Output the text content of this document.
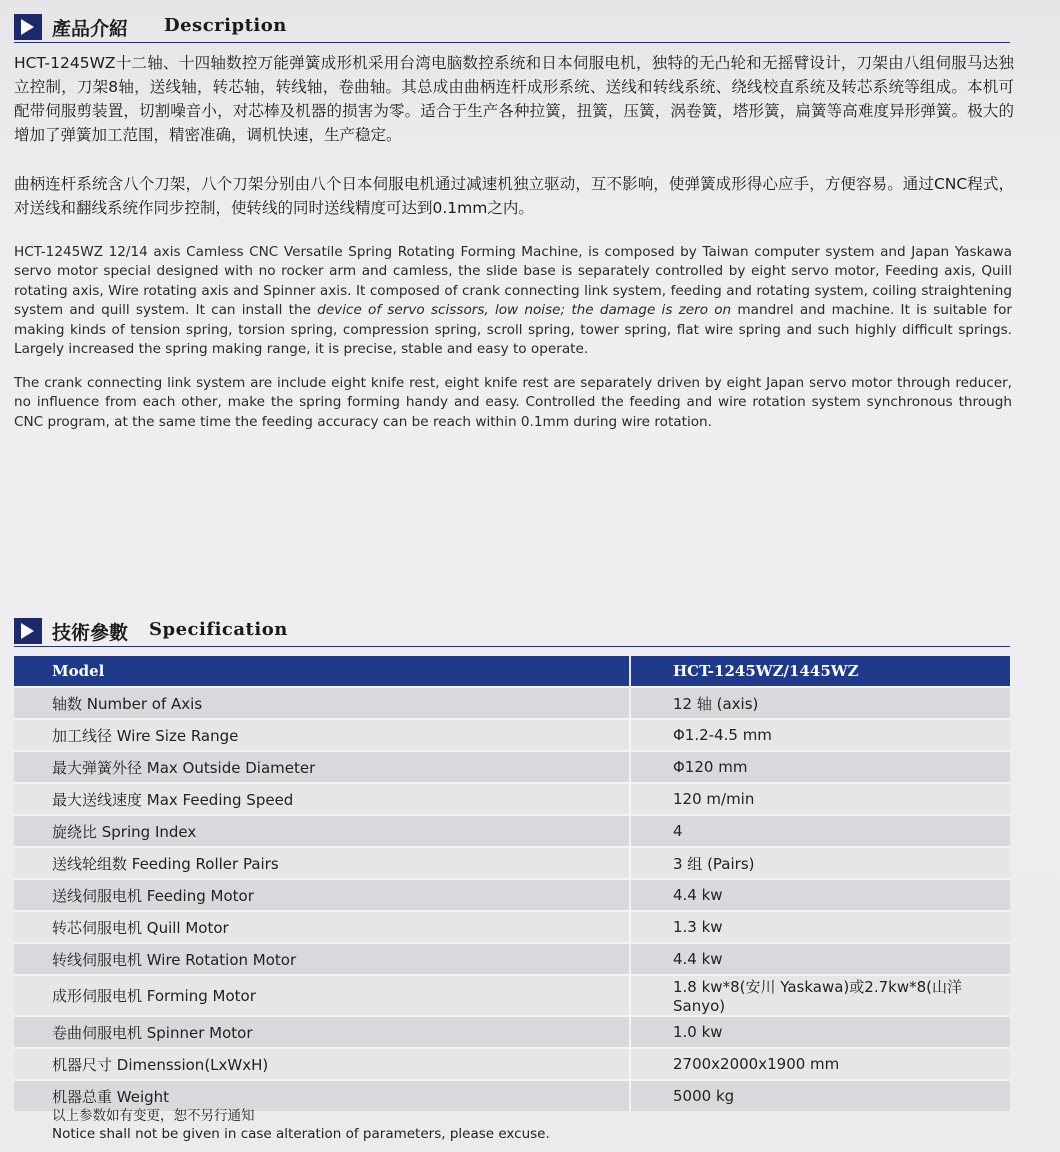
產品介紹 Description

HCT-1245WZ十二轴、十四轴数控万能弹簧成形机采用台湾电脑数控系统和日本伺服电机，独特的无凸轮和无摇臂设计，刀架由八组伺服马达独立控制，刀架8轴，送线轴，转芯轴，转线轴，卷曲轴。其总成由曲柄连杆成形系统、送线和转线系统、绕线校直系统及转芯系统等组成。本机可配带伺服剪装置，切割噪音小，对芯棒及机器的损害为零。适合于生产各种拉簧，扭簧，压簧，涡卷簧，塔形簧，扁簧等高难度异形弹簧。极大的增加了弹簧加工范围，精密准确，调机快速，生产稳定。

曲柄连杆系统含八个刀架，八个刀架分别由八个日本伺服电机通过减速机独立驱动，互不影响，使弹簧成形得心应手，方便容易。通过CNC程式，对送线和翻线系统作同步控制，使转线的同时送线精度可达到0.1mm之内。

HCT-1245WZ 12/14 axis Camless CNC Versatile Spring Rotating Forming Machine, is composed by Taiwan computer system and Japan Yaskawa servo motor special designed with no rocker arm and camless, the slide base is separately controlled by eight servo motor, Feeding axis, Quill rotating axis, Wire rotating axis and Spinner axis. It composed of crank connecting link system, feeding and rotating system, coiling straightening system and quill system. It can install the device of servo scissors, low noise; the damage is zero on mandrel and machine. It is suitable for making kinds of tension spring, torsion spring, compression spring, scroll spring, tower spring, flat wire spring and such highly difficult springs. Largely increased the spring making range, it is precise, stable and easy to operate.

The crank connecting link system are include eight knife rest, eight knife rest are separately driven by eight Japan servo motor through reducer, no influence from each other, make the spring forming handy and easy. Controlled the feeding and wire rotation system synchronous through CNC program, at the same time the feeding accuracy can be reach within 0.1mm during wire rotation.

技術參數 Specification
Model	HCT-1245WZ/1445WZ
轴数 Number of Axis	12 轴 (axis)
加工线径 Wire Size Range	Φ1.2-4.5 mm
最大弹簧外径 Max Outside Diameter	Φ120 mm
最大送线速度 Max Feeding Speed	120 m/min
旋绕比 Spring Index	4
送线轮组数 Feeding Roller Pairs	3 组 (Pairs)
送线伺服电机 Feeding Motor	4.4 kw
转芯伺服电机 Quill Motor	1.3 kw
转线伺服电机 Wire Rotation Motor	4.4 kw
成形伺服电机 Forming Motor	1.8 kw*8(安川 Yaskawa)或2.7kw*8(山洋Sanyo)
卷曲伺服电机 Spinner Motor	1.0 kw
机器尺寸 Dimenssion(LxWxH)	2700x2000x1900 mm
机器总重 Weight	5000 kg
以上参数如有变更，恕不另行通知
Notice shall not be given in case alteration of parameters, please excuse.
